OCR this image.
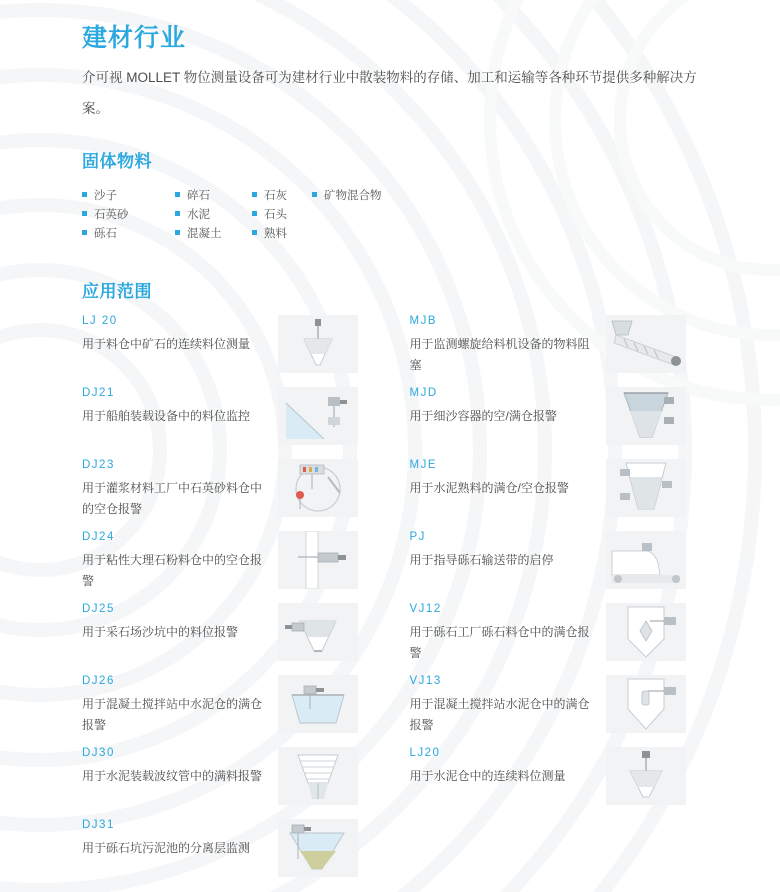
建材行业
介可视 MOLLET 物位测量设备可为建材行业中散装物料的存储、加工和运输等各种环节提供多种解决方案。
固体物料
沙子	碎石	石灰	矿物混合物
石英砂	水泥	石头
砾石	混凝土	熟料
应用范围
LJ 20
用于料仓中矿石的连续料位测量
DJ21
用于船舶装载设备中的料位监控
DJ23
用于灌浆材料工厂中石英砂料仓中的空仓报警
DJ24
用于粘性大理石粉料仓中的空仓报警
DJ25
用于采石场沙坑中的料位报警
DJ26
用于混凝土搅拌站中水泥仓的满仓报警
DJ30
用于水泥装载波纹管中的满料报警
DJ31
用于砾石坑污泥池的分离层监测
MJB
用于监测螺旋给料机设备的物料阻塞
MJD
用于细沙容器的空/满仓报警
MJE
用于水泥熟料的满仓/空仓报警
PJ
用于指导砾石输送带的启停
VJ12
用于砾石工厂砾石料仓中的满仓报警
VJ13
用于混凝土搅拌站水泥仓中的满仓报警
LJ20
用于水泥仓中的连续料位测量
